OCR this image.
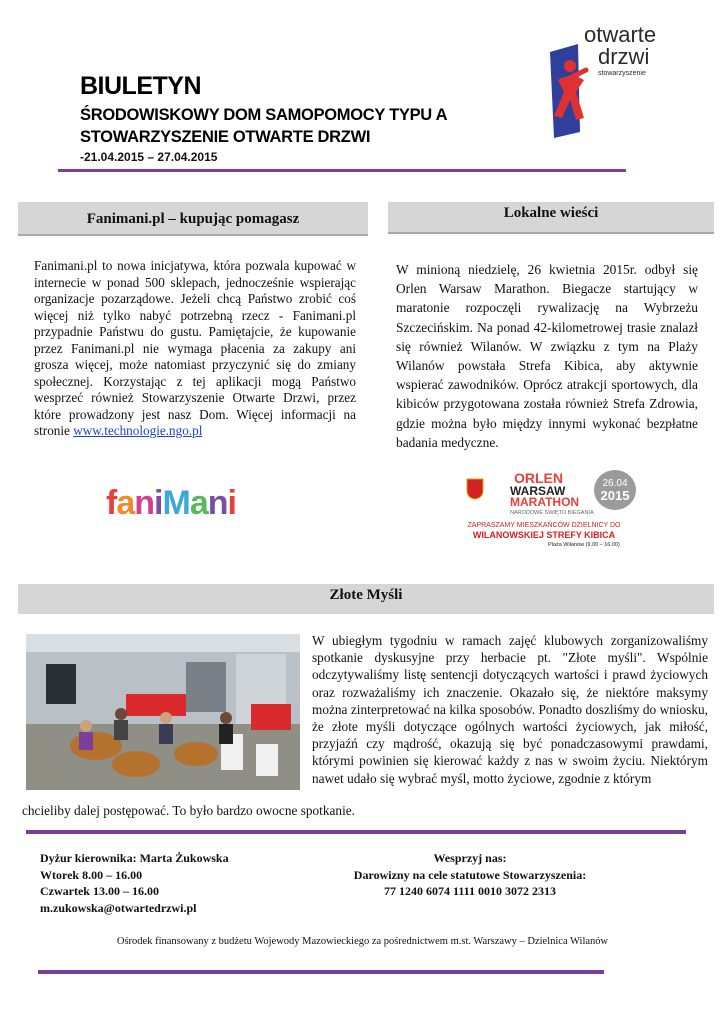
BIULETYN
ŚRODOWISKOWY DOM SAMOPOMOCY TYPU A
STOWARZYSZENIE OTWARTE DRZWI
-21.04.2015 – 27.04.2015
otwarte
drzwi
stowarzyszenie
Fanimani.pl – kupując pomagasz
Fanimani.pl to nowa inicjatywa, która pozwala kupować w internecie w ponad 500 sklepach, jednocześnie wspierając organizacje pozarządowe. Jeżeli chcą Państwo zrobić coś więcej niż tylko nabyć potrzebną rzecz - Fanimani.pl przypadnie Państwu do gustu. Pamiętajcie, że kupowanie przez Fanimani.pl nie wymaga płacenia za zakupy ani grosza więcej, może natomiast przyczynić się do zmiany społecznej. Korzystając z tej aplikacji mogą Państwo wesprzeć również Stowarzyszenie Otwarte Drzwi, przez które prowadzony jest nasz Dom. Więcej informacji na stronie www.technologie.ngo.pl
faniMani
Lokalne wieści
W minioną niedzielę, 26 kwietnia 2015r. odbył się Orlen Warsaw Marathon. Biegacze startujący w maratonie rozpoczęli rywalizację na Wybrzeżu Szczecińskim. Na ponad 42-kilometrowej trasie znalazł się również Wilanów. W związku z tym na Plaży Wilanów powstała Strefa Kibica, aby aktywnie wspierać zawodników. Oprócz atrakcji sportowych, dla kibiców przygotowana została również Strefa Zdrowia, gdzie można było między innymi wykonać bezpłatne badania medyczne.
ORLEN
WARSAW
MARATHON
NARODOWE ŚWIĘTO BIEGANIA
26.04
2015
ZAPRASZAMY MIESZKAŃCÓW DZIELNICY DO
WILANOWSKIEJ STREFY KIBICA
Plaża Wilanów (9.00 – 16.00)
Złote Myśli
W ubiegłym tygodniu w ramach zajęć klubowych zorganizowaliśmy spotkanie dyskusyjne przy herbacie pt. "Złote myśli". Wspólnie odczytywaliśmy listę sentencji dotyczących wartości i prawd życiowych oraz rozważaliśmy ich znaczenie. Okazało się, że niektóre maksymy można zinterpretować na kilka sposobów. Ponadto doszliśmy do wniosku, że złote myśli dotyczące ogólnych wartości życiowych, jak miłość, przyjaźń czy mądrość, okazują się być ponadczasowymi prawdami, którymi powinien się kierować każdy z nas w swoim życiu. Niektórym nawet udało się wybrać myśl, motto życiowe, zgodnie z którym
chcieliby dalej postępować. To było bardzo owocne spotkanie.
Dyżur kierownika: Marta Żukowska
Wtorek 8.00 – 16.00
Czwartek 13.00 – 16.00
m.zukowska@otwartedrzwi.pl
Wesprzyj nas:
Darowizny na cele statutowe Stowarzyszenia:
77 1240 6074 1111 0010 3072 2313
Ośrodek finansowany z budżetu Wojewody Mazowieckiego za pośrednictwem m.st. Warszawy – Dzielnica Wilanów
